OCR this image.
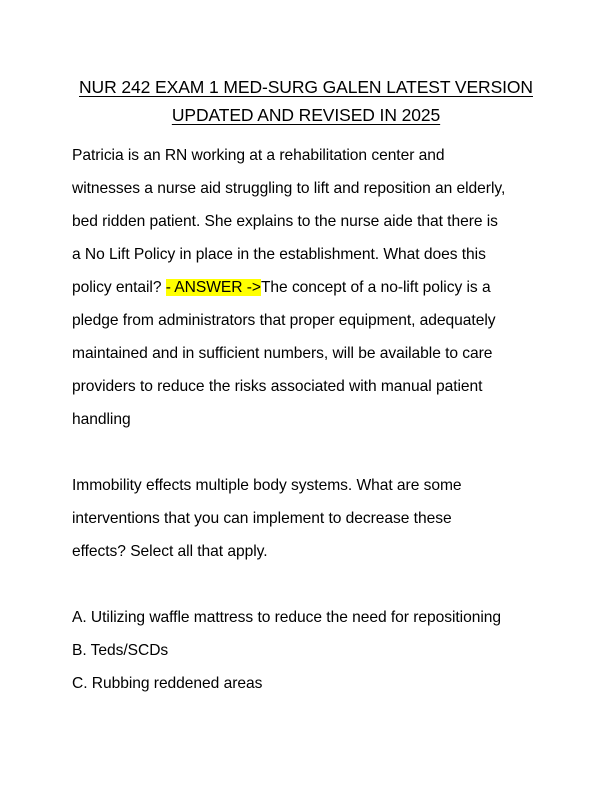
NUR 242 EXAM 1 MED-SURG GALEN LATEST VERSION
UPDATED AND REVISED IN 2025
Patricia is an RN working at a rehabilitation center and
witnesses a nurse aid struggling to lift and reposition an elderly,
bed ridden patient. She explains to the nurse aide that there is
a No Lift Policy in place in the establishment. What does this
policy entail? - ANSWER ->The concept of a no-lift policy is a
pledge from administrators that proper equipment, adequately
maintained and in sufficient numbers, will be available to care
providers to reduce the risks associated with manual patient
handling
Immobility effects multiple body systems. What are some
interventions that you can implement to decrease these
effects? Select all that apply.
A. Utilizing waffle mattress to reduce the need for repositioning
B. Teds/SCDs
C. Rubbing reddened areas
